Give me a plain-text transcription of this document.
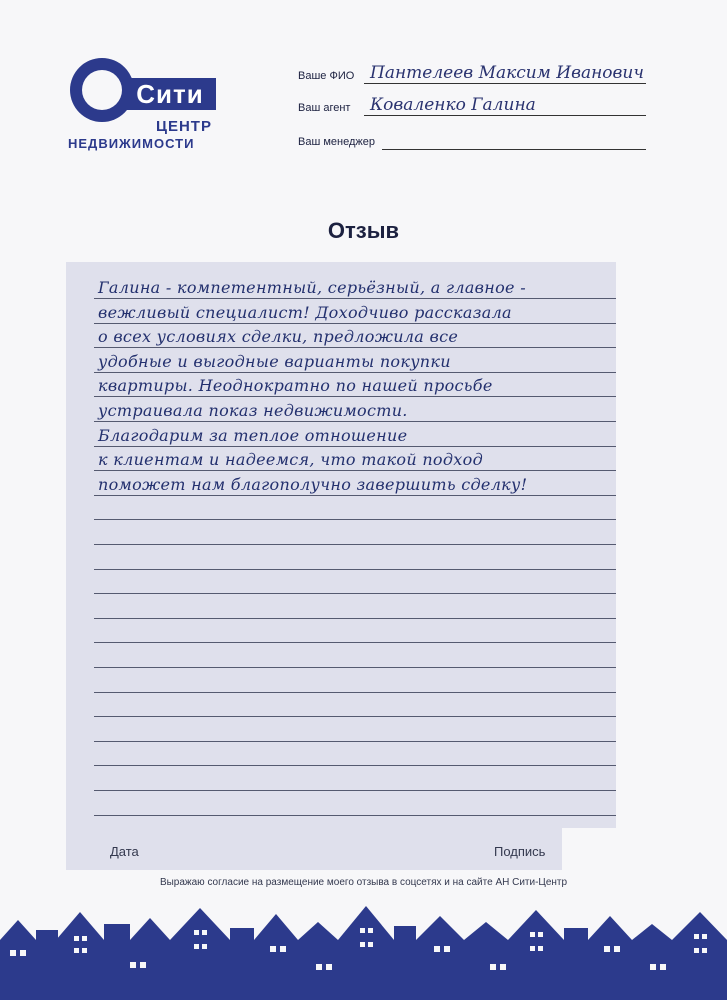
Сити
ЦЕНТР
НЕДВИЖИМОСТИ
Ваше ФИО Пантелеев Максим Иванович
Ваш агент Коваленко Галина
Ваш менеджер
Отзыв
Дата	Подпись
Галина - компетентный, серьёзный, а главное -
вежливый специалист! Доходчиво рассказала
о всех условиях сделки, предложила все
удобные и выгодные варианты покупки
квартиры. Неоднократно по нашей просьбе
устраивала показ недвижимости.
Благодарим за теплое отношение
к клиентам и надеемся, что такой подход
поможет нам благополучно завершить сделку!
Выражаю согласие на размещение моего отзыва в соцсетях и на сайте АН Сити-Центр
